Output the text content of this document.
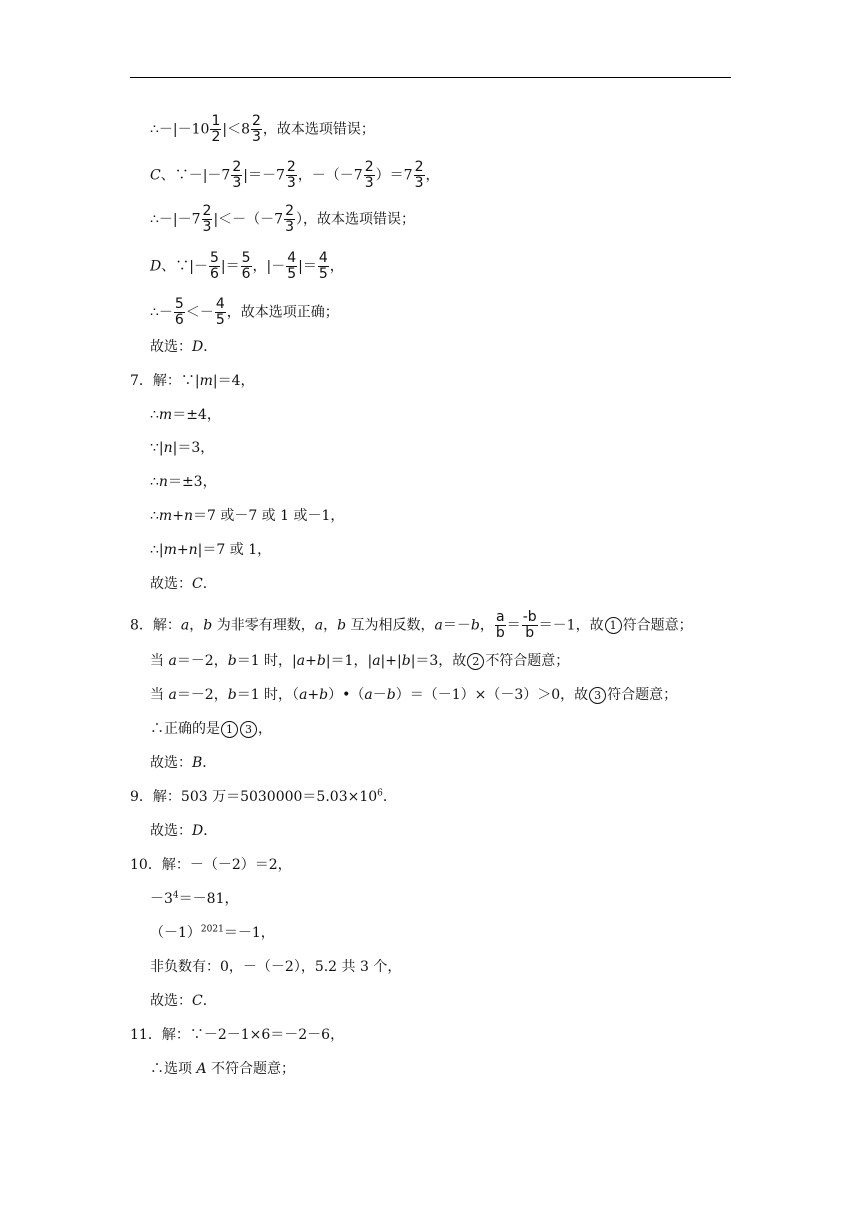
∴－|－10 $\frac{1}{2} |<8 \frac{2}{3}$ ，故本选项错误；
C、∵－|－7 $\frac{2}{3} |=-7 \frac{2}{3}$ ，$-(-7 \frac{2}{3} )=7 \frac{2}{3}$ ，
∴－|－7 $\frac{2}{3} |<-(-7 \frac{2}{3}$ ），故本选项错误；
D、∵|－ $\frac{5}{6}$ |＝ $\frac{5}{6}$ ，|－ $\frac{4}{5}$ |＝ $\frac{4}{5}$ ，
∴－ $\frac{5}{6} <- \frac{4}{5}$ ，故本选项正确；
故选：D．
7．解：∵|m|＝4，
∴m＝±4，
∵|n|＝3，
∴n＝±3，
∴m+n＝7 或－7 或 1 或－1，
∴|m+n|＝7 或 1，
故选：C．
8．解：a，b 为非零有理数，a，b 互为相反数，a＝－b， $\frac{a}{b} = \frac{-b}{b} =-1$，故 1 符合题意；
当 a＝－2，b＝1 时，|a+b|＝1，|a|+|b|＝3，故 2 不符合题意；
当 a＝－2，b＝1 时，（a+b）•（a－b）＝（－1）×（－3）＞0，故 3 符合题意；
∴正确的是 1 3 ，
故选：B．
9．解：503 万$=5030000=5.03\times 10^6$．
故选：D．
10．解：－（－2）＝2，
$-3^4=-81$，
$(-1)^{2021}=-1$，
非负数有：0，－（－2），5.2 共 3 个，
故选：C．
11．解：∵－2－1×6＝－2－6，
∴选项 A 不符合题意；
